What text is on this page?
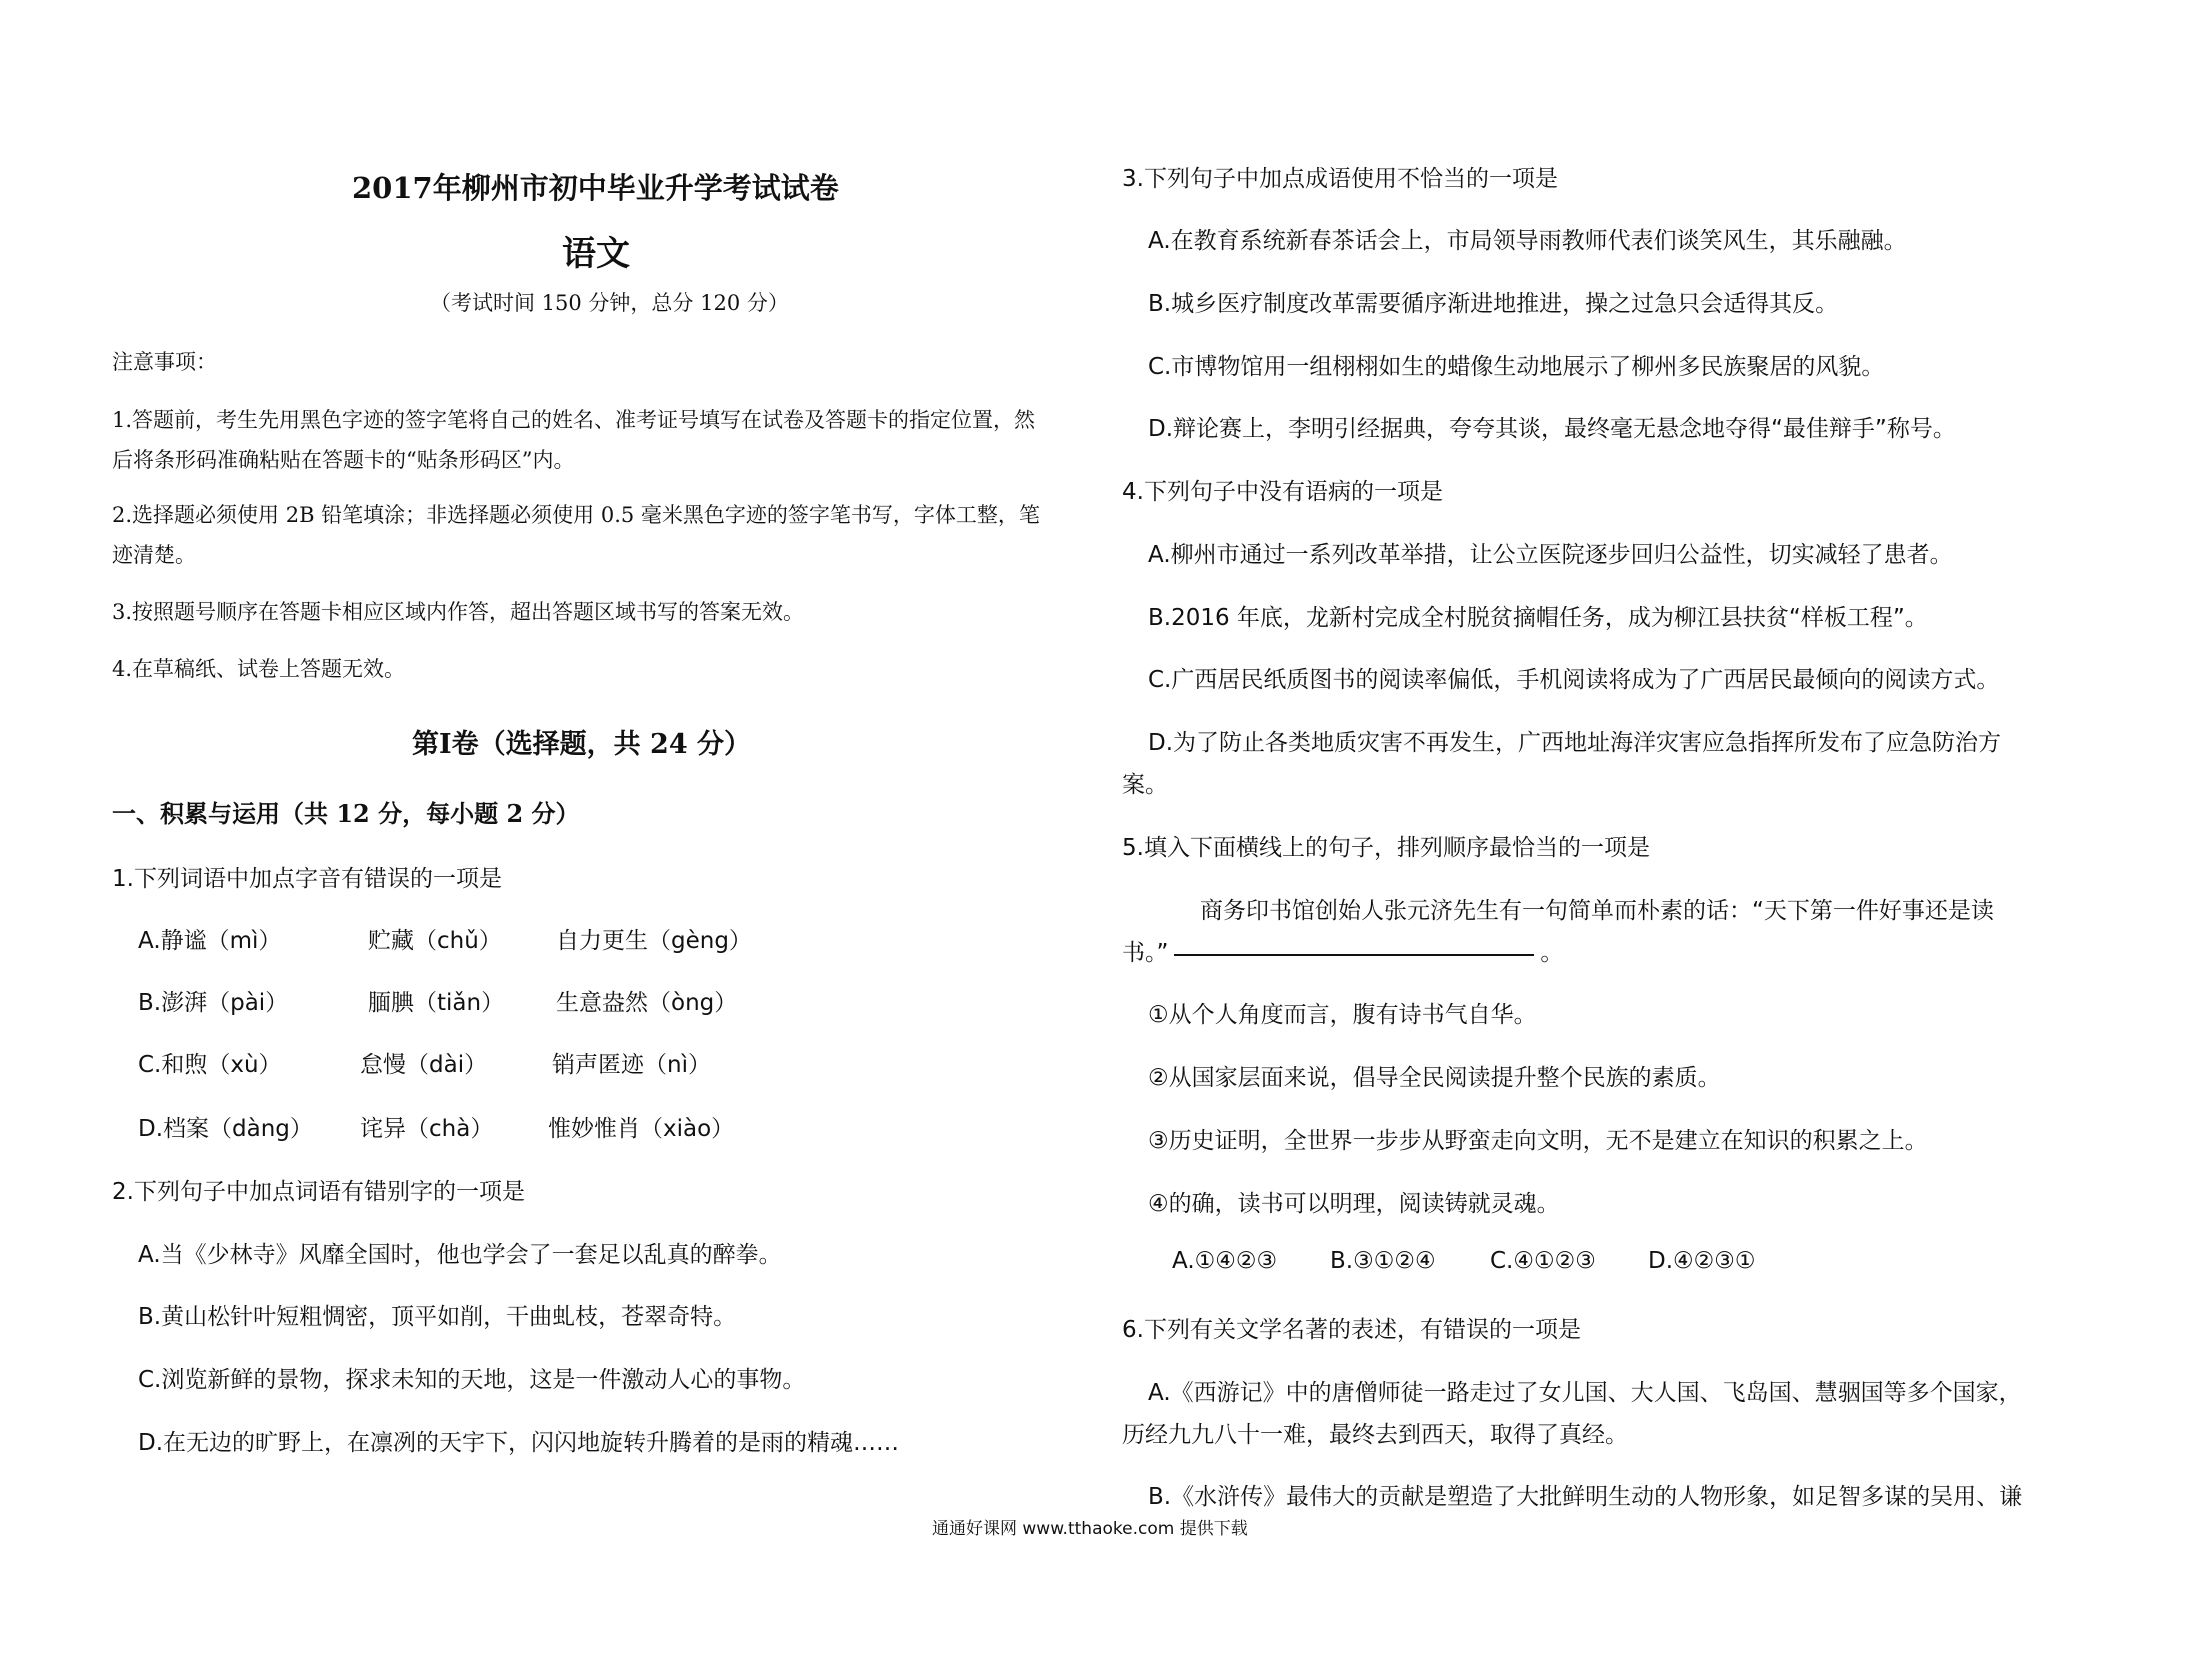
2017年柳州市初中毕业升学考试试卷
语文
（考试时间 150 分钟，总分 120 分）
注意事项：
1.答题前，考生先用黑色字迹的签字笔将自己的姓名、准考证号填写在试卷及答题卡的指定位置，然
后将条形码准确粘贴在答题卡的“贴条形码区”内。
2.选择题必须使用 2B 铅笔填涂；非选择题必须使用 0.5 毫米黑色字迹的签字笔书写，字体工整，笔
迹清楚。
3.按照题号顺序在答题卡相应区域内作答，超出答题区域书写的答案无效。
4.在草稿纸、试卷上答题无效。
第Ⅰ卷（选择题，共 24 分）
一、积累与运用（共 12 分，每小题 2 分）
1.下列词语中加点字音有错误的一项是
A.静谧（mì）	贮藏（chǔ） 自力更生（gèng）
B.澎湃（pài）	腼腆（tiǎn） 生意盎然（òng）
C.和煦（xù）	怠慢（dài）	销声匿迹（nì）
D.档案（dàng） 诧异（chà） 惟妙惟肖（xiào）
2.下列句子中加点词语有错别字的一项是
A.当《少林寺》风靡全国时，他也学会了一套足以乱真的醉拳。
B.黄山松针叶短粗惆密，顶平如削，干曲虬枝，苍翠奇特。
C.浏览新鲜的景物，探求未知的天地，这是一件激动人心的事物。
D.在无边的旷野上，在凛冽的天宇下，闪闪地旋转升腾着的是雨的精魂……
3.下列句子中加点成语使用不恰当的一项是
A.在教育系统新春茶话会上，市局领导雨教师代表们谈笑风生，其乐融融。
B.城乡医疗制度改革需要循序渐进地推进，操之过急只会适得其反。
C.市博物馆用一组栩栩如生的蜡像生动地展示了柳州多民族聚居的风貌。
D.辩论赛上，李明引经据典，夸夸其谈，最终毫无悬念地夺得“最佳辩手”称号。
4.下列句子中没有语病的一项是
A.柳州市通过一系列改革举措，让公立医院逐步回归公益性，切实减轻了患者。
B.2016 年底，龙新村完成全村脱贫摘帽任务，成为柳江县扶贫“样板工程”。
C.广西居民纸质图书的阅读率偏低，手机阅读将成为了广西居民最倾向的阅读方式。
D.为了防止各类地质灾害不再发生，广西地址海洋灾害应急指挥所发布了应急防治方
案。
5.填入下面横线上的句子，排列顺序最恰当的一项是
商务印书馆创始人张元济先生有一句简单而朴素的话：“天下第一件好事还是读
书。”	。
①从个人角度而言，腹有诗书气自华。
②从国家层面来说，倡导全民阅读提升整个民族的素质。
③历史证明，全世界一步步从野蛮走向文明，无不是建立在知识的积累之上。
④的确，读书可以明理，阅读铸就灵魂。
A.①④②③ B.③①②④ C.④①②③ D.④②③①
6.下列有关文学名著的表述，有错误的一项是
A.《西游记》中的唐僧师徒一路走过了女儿国、大人国、飞岛国、慧骃国等多个国家，
历经九九八十一难，最终去到西天，取得了真经。
B.《水浒传》最伟大的贡献是塑造了大批鲜明生动的人物形象，如足智多谋的吴用、谦
通通好课网 www.tthaoke.com 提供下载
